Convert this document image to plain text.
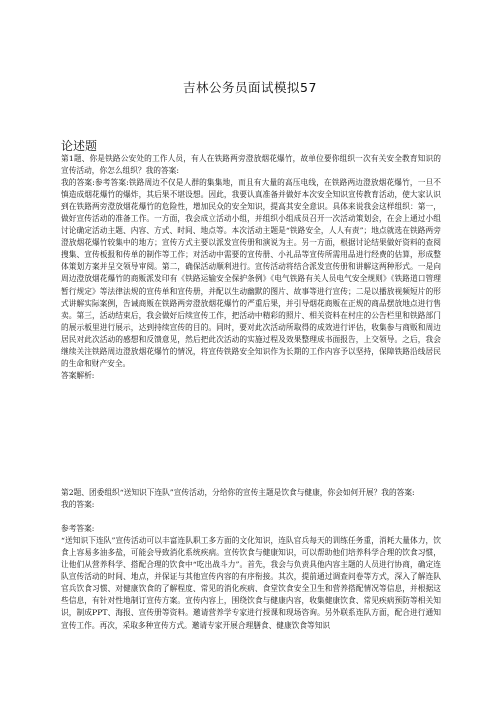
吉林公务员面试模拟57
论述题

第1题、你是铁路公安处的工作人员，有人在铁路两旁澄放烟花爆竹，故单位要你组织一次有关安全教育知识的宣传活动，你怎么组织？我的答案:

我的答案:参考答案:铁路周边不仅是人群的集集地，而且有大量的高压电线，在铁路两边澄放烟花爆竹，一旦不慎造成烟花爆竹的爆炸，其后果不堪设想。因此，我要认真准备并做好本次安全知识宣传教育活动，使大家认识到在铁路两旁澄放烟花爆竹的危险性，增加民众的安全知识，提高其安全意识。具体来说我会这样组织：第一，做好宣传活动的准备工作。一方面，我会成立活动小组，并组织小组成员召开一次活动策划会，在会上通过小组讨论确定活动主题、内容、方式、时间、地点等。本次活动主题是“铁路安全，人人有责”；地点就选在铁路两旁澄放烟花爆竹较集中的地方；宣传方式主要以派发宣传册和演说为主。另一方面，根据讨论结果做好资料的查阅搜集、宣传板报和传单的制作等工作；对活动中需要的宣传册、小礼品等宣传所需用品进行经费的估算，形成整体策划方案并呈交领导审阅。第二，确保活动顺利进行。宣传活动将结合派发宣传册和讲解这两种形式。一是向周边澄放烟花爆竹的商贩派发印有《铁路运输安全保护条例》《电气铁路有关人员电气安全规则》《铁路道口管理暂行规定》等法律法规的宣传单和宣传册，并配以生动幽默的图片、故事等进行宣传；二是以播放视频短片的形式讲解实际案例，告诫商贩在铁路两旁澄放烟花爆竹的严重后果，并引导烟花商贩在正规的商品摆放地点进行售卖。第三，活动结束后，我会做好后续宣传工作，把活动中精彩的照片、相关资料在村庄的公告栏里和铁路部门的展示板里进行展示，达到持续宣传的目的。同时，要对此次活动所取得的成效进行评估，收集参与商贩和周边居民对此次活动的感想和反馈意见，然后把此次活动的实施过程及效果整理成书面报告，上交领导。之后，我会继续关注铁路周边澄放烟花爆竹的情况，将宣传铁路安全知识作为长期的工作内容予以坚持，保障铁路沿线居民的生命和财产安全。

答案解析:

第2题、团委组织“送知识下连队”宣传活动，分给你的宣传主题是饮食与健康，你会如何开展？我的答案:

我的答案:

参考答案:

“送知识下连队”宣传活动可以丰富连队职工多方面的文化知识，连队官兵每天的训练任务重，消耗大量体力，饮食上容易多油多盐，可能会导致消化系统疾病。宣传饮食与健康知识，可以帮助他们培养科学合理的饮食习惯，让他们从营养科学、搭配合理的饮食中“吃出战斗力”。首先，我会与负责具他内容主题的人员进行协商，确定连队宣传活动的时间、地点，并保证与其他宣传内容的有序衔接。其次，提前通过调查问卷等方式，深入了解连队官兵饮食习惯、对健康饮食的了解程度、常见的消化疾病、食堂饮食安全卫生和营养搭配情况等信息，并根据这些信息，有针对性地制订宣传方案。宣传内容上，围绕饮食与健康内容，收集健康饮食、常见疾病预防等相关知识，制成PPT、海报、宣传册等资料。邀请营养学专家进行授课和现场咨询。另外联系连队方面，配合进行通知宣传工作。再次，采取多种宣传方式。邀请专家开展合理膳食、健康饮食等知识
